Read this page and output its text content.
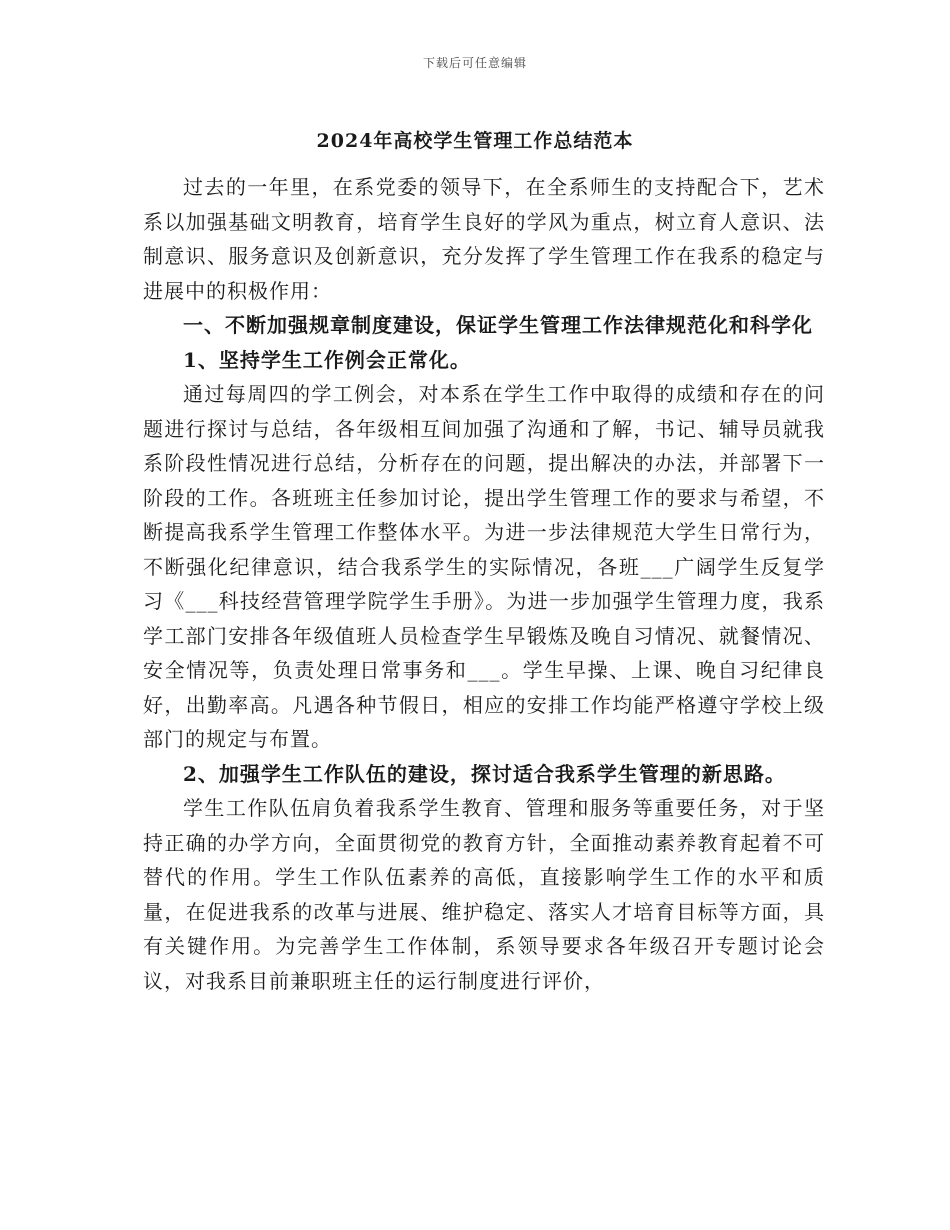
下载后可任意编辑
2024年高校学生管理工作总结范本

过去的一年里，在系党委的领导下，在全系师生的支持配合下，艺术系以加强基础文明教育，培育学生良好的学风为重点，树立育人意识、法制意识、服务意识及创新意识，充分发挥了学生管理工作在我系的稳定与进展中的积极作用：

一、不断加强规章制度建设，保证学生管理工作法律规范化和科学化

1、坚持学生工作例会正常化。

通过每周四的学工例会，对本系在学生工作中取得的成绩和存在的问题进行探讨与总结，各年级相互间加强了沟通和了解，书记、辅导员就我系阶段性情况进行总结，分析存在的问题，提出解决的办法，并部署下一阶段的工作。各班班主任参加讨论，提出学生管理工作的要求与希望，不断提高我系学生管理工作整体水平。为进一步法律规范大学生日常行为，不断强化纪律意识，结合我系学生的实际情况，各班___广阔学生反复学习《___科技经营管理学院学生手册》。为进一步加强学生管理力度，我系学工部门安排各年级值班人员检查学生早锻炼及晚自习情况、就餐情况、安全情况等，负责处理日常事务和___。学生早操、上课、晚自习纪律良好，出勤率高。凡遇各种节假日，相应的安排工作均能严格遵守学校上级部门的规定与布置。

2、加强学生工作队伍的建设，探讨适合我系学生管理的新思路。

学生工作队伍肩负着我系学生教育、管理和服务等重要任务，对于坚持正确的办学方向，全面贯彻党的教育方针，全面推动素养教育起着不可替代的作用。学生工作队伍素养的高低，直接影响学生工作的水平和质量，在促进我系的改革与进展、维护稳定、落实人才培育目标等方面，具有关键作用。为完善学生工作体制，系领导要求各年级召开专题讨论会议，对我系目前兼职班主任的运行制度进行评价，
